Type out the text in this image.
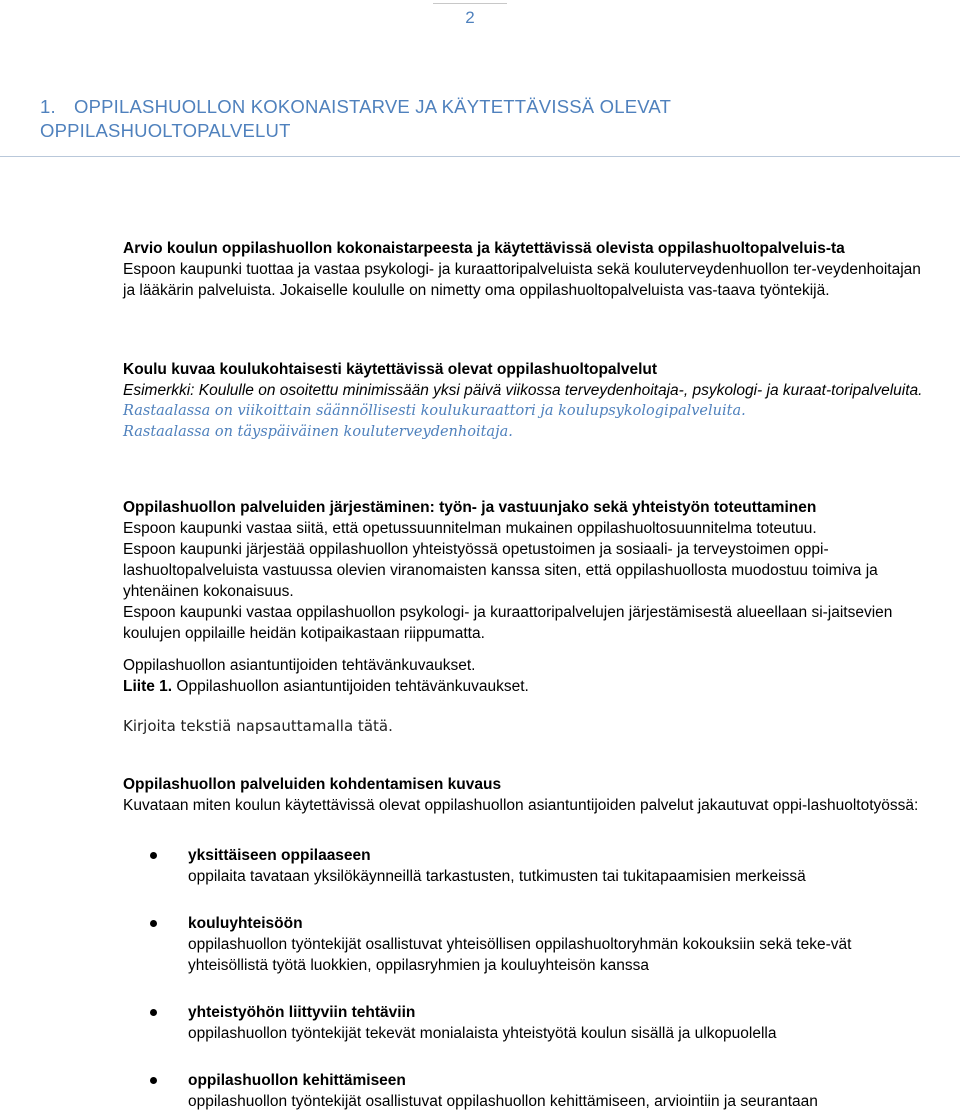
2
1. OPPILASHUOLLON KOKONAISTARVE JA KÄYTETTÄVISSÄ OLEVAT
OPPILASHUOLTOPALVELUT

Arvio koulun oppilashuollon kokonaistarpeesta ja käytettävissä olevista oppilashuoltopalveluis-ta

Espoon kaupunki tuottaa ja vastaa psykologi- ja kuraattoripalveluista sekä kouluterveydenhuollon ter-veydenhoitajan ja lääkärin palveluista. Jokaiselle koululle on nimetty oma oppilashuoltopalveluista vas-taava työntekijä.

Koulu kuvaa koulukohtaisesti käytettävissä olevat oppilashuoltopalvelut

Esimerkki: Koululle on osoitettu minimissään yksi päivä viikossa terveydenhoitaja-, psykologi- ja kuraat-toripalveluita.

Rastaalassa on viikoittain säännöllisesti koulukuraattori ja koulupsykologipalveluita.

Rastaalassa on täyspäiväinen kouluterveydenhoitaja.

Oppilashuollon palveluiden järjestäminen: työn- ja vastuunjako sekä yhteistyön toteuttaminen

Espoon kaupunki vastaa siitä, että opetussuunnitelman mukainen oppilashuoltosuunnitelma toteutuu.

Espoon kaupunki järjestää oppilashuollon yhteistyössä opetustoimen ja sosiaali- ja terveystoimen oppi-lashuoltopalveluista vastuussa olevien viranomaisten kanssa siten, että oppilashuollosta muodostuu toimiva ja yhtenäinen kokonaisuus.

Espoon kaupunki vastaa oppilashuollon psykologi- ja kuraattoripalvelujen järjestämisestä alueellaan si-jaitsevien koulujen oppilaille heidän kotipaikastaan riippumatta.

Oppilashuollon asiantuntijoiden tehtävänkuvaukset.

Liite 1. Oppilashuollon asiantuntijoiden tehtävänkuvaukset.

Kirjoita tekstiä napsauttamalla tätä.

Oppilashuollon palveluiden kohdentamisen kuvaus

Kuvataan miten koulun käytettävissä olevat oppilashuollon asiantuntijoiden palvelut jakautuvat oppi-lashuoltotyössä:

yksittäiseen oppilaaseen
oppilaita tavataan yksilökäynneillä tarkastusten, tutkimusten tai tukitapaamisien merkeissä
kouluyhteisöön
oppilashuollon työntekijät osallistuvat yhteisöllisen oppilashuoltoryhmän kokouksiin sekä teke-vät yhteisöllistä työtä luokkien, oppilasryhmien ja kouluyhteisön kanssa
yhteistyöhön liittyviin tehtäviin
oppilashuollon työntekijät tekevät monialaista yhteistyötä koulun sisällä ja ulkopuolella
oppilashuollon kehittämiseen
oppilashuollon työntekijät osallistuvat oppilashuollon kehittämiseen, arviointiin ja seurantaan
